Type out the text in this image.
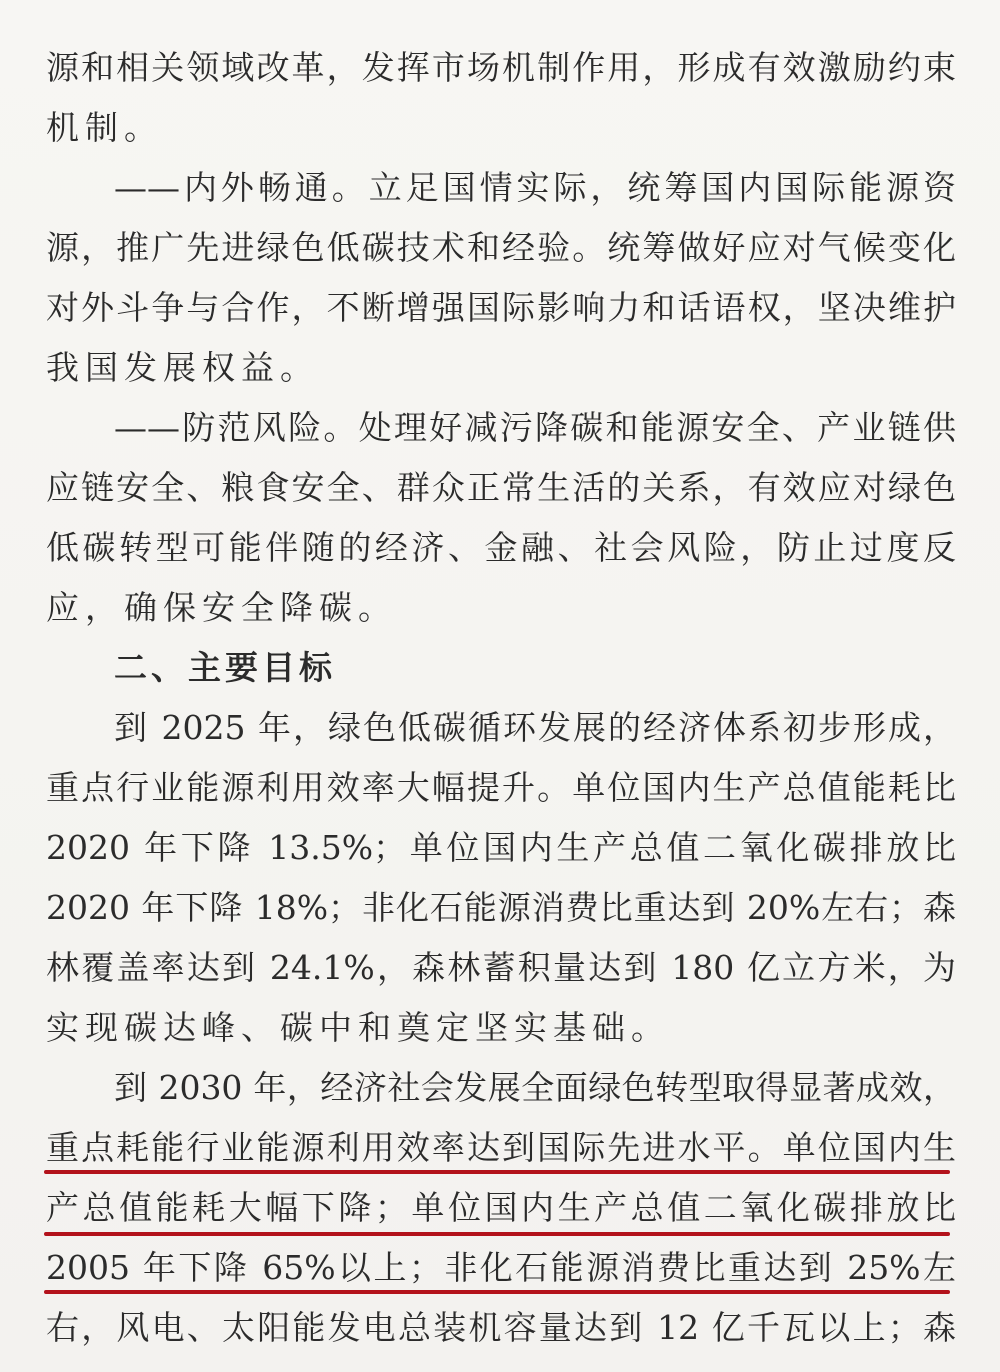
源和相关领域改革，发挥市场机制作用，形成有效激励约束
机制。
——内外畅通。立足国情实际，统筹国内国际能源资
源，推广先进绿色低碳技术和经验。统筹做好应对气候变化
对外斗争与合作，不断增强国际影响力和话语权，坚决维护
我国发展权益。
——防范风险。处理好减污降碳和能源安全、产业链供
应链安全、粮食安全、群众正常生活的关系，有效应对绿色
低碳转型可能伴随的经济、金融、社会风险，防止过度反
应，确保安全降碳。
二、主要目标
到 2025 年，绿色低碳循环发展的经济体系初步形成，
重点行业能源利用效率大幅提升。单位国内生产总值能耗比
2020 年下降 13.5%；单位国内生产总值二氧化碳排放比
2020 年下降 18%；非化石能源消费比重达到 20%左右；森
林覆盖率达到 24.1%，森林蓄积量达到 180 亿立方米，为
实现碳达峰、碳中和奠定坚实基础。
到 2030 年，经济社会发展全面绿色转型取得显著成效，
重点耗能行业能源利用效率达到国际先进水平。单位国内生
产总值能耗大幅下降；单位国内生产总值二氧化碳排放比
2005 年下降 65%以上；非化石能源消费比重达到 25%左
右，风电、太阳能发电总装机容量达到 12 亿千瓦以上；森
